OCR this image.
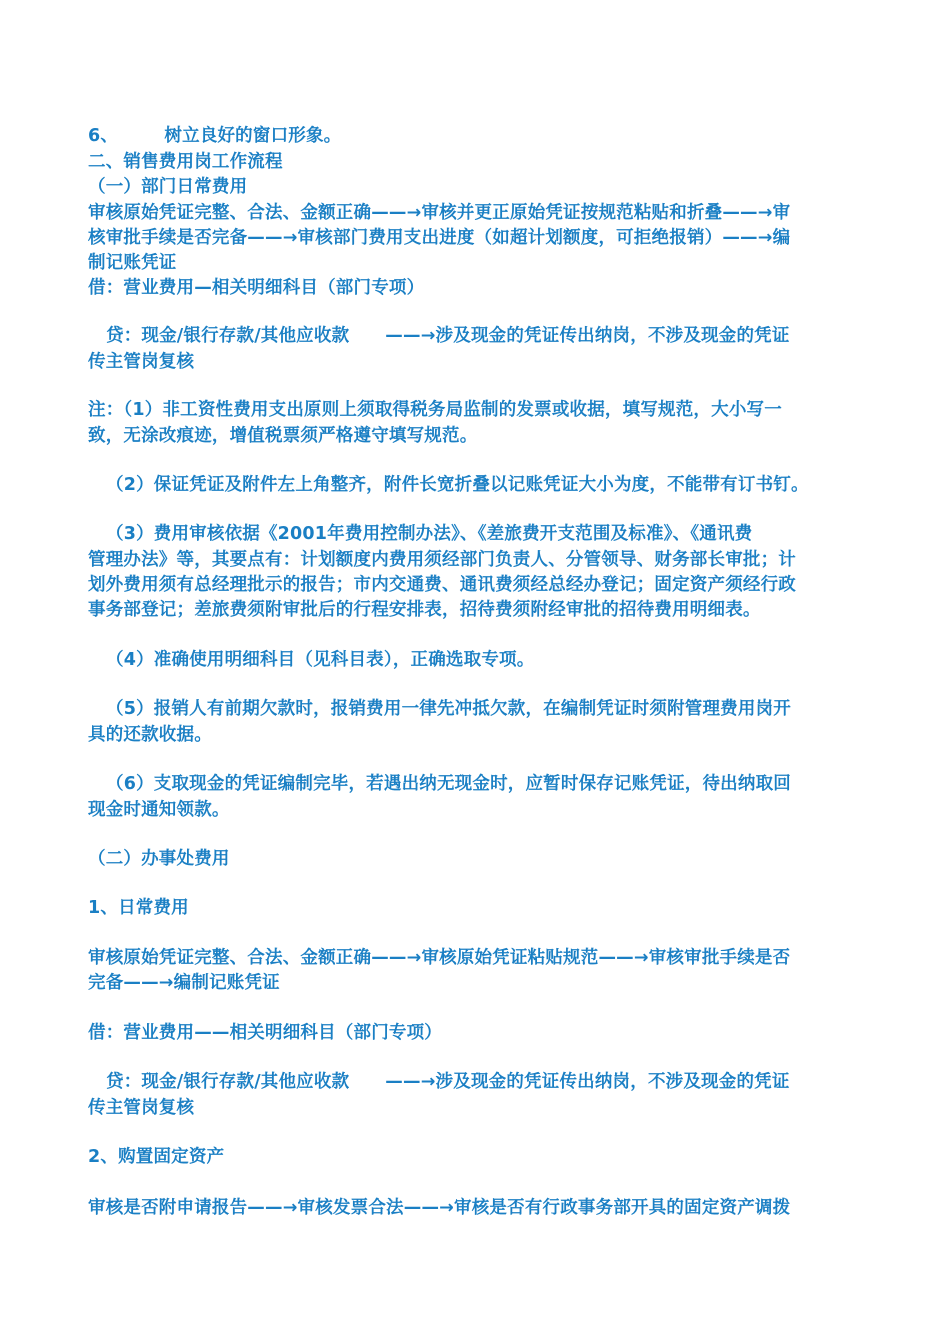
6、	树立良好的窗口形象。
二、销售费用岗工作流程
（一）部门日常费用
审核原始凭证完整、合法、金额正确——→审核并更正原始凭证按规范粘贴和折叠——→审
核审批手续是否完备——→审核部门费用支出进度（如超计划额度，可拒绝报销）——→编
制记账凭证
借：营业费用—相关明细科目（部门专项）
贷：现金/银行存款/其他应收款 ——→涉及现金的凭证传出纳岗，不涉及现金的凭证
传主管岗复核
注：（1）非工资性费用支出原则上须取得税务局监制的发票或收据，填写规范，大小写一
致，无涂改痕迹，增值税票须严格遵守填写规范。
（2）保证凭证及附件左上角整齐，附件长宽折叠以记账凭证大小为度，不能带有订书钉。
（3）费用审核依据《2001年费用控制办法》、《差旅费开支范围及标准》、《通讯费
管理办法》等，其要点有：计划额度内费用须经部门负责人、分管领导、财务部长审批；计
划外费用须有总经理批示的报告；市内交通费、通讯费须经总经办登记；固定资产须经行政
事务部登记；差旅费须附审批后的行程安排表，招待费须附经审批的招待费用明细表。
（4）准确使用明细科目（见科目表），正确选取专项。
（5）报销人有前期欠款时，报销费用一律先冲抵欠款，在编制凭证时须附管理费用岗开
具的还款收据。
（6）支取现金的凭证编制完毕，若遇出纳无现金时，应暂时保存记账凭证，待出纳取回
现金时通知领款。
（二）办事处费用
1、日常费用
审核原始凭证完整、合法、金额正确——→审核原始凭证粘贴规范——→审核审批手续是否
完备——→编制记账凭证
借：营业费用——相关明细科目（部门专项）
贷：现金/银行存款/其他应收款 ——→涉及现金的凭证传出纳岗，不涉及现金的凭证
传主管岗复核
2、购置固定资产
审核是否附申请报告——→审核发票合法——→审核是否有行政事务部开具的固定资产调拨
